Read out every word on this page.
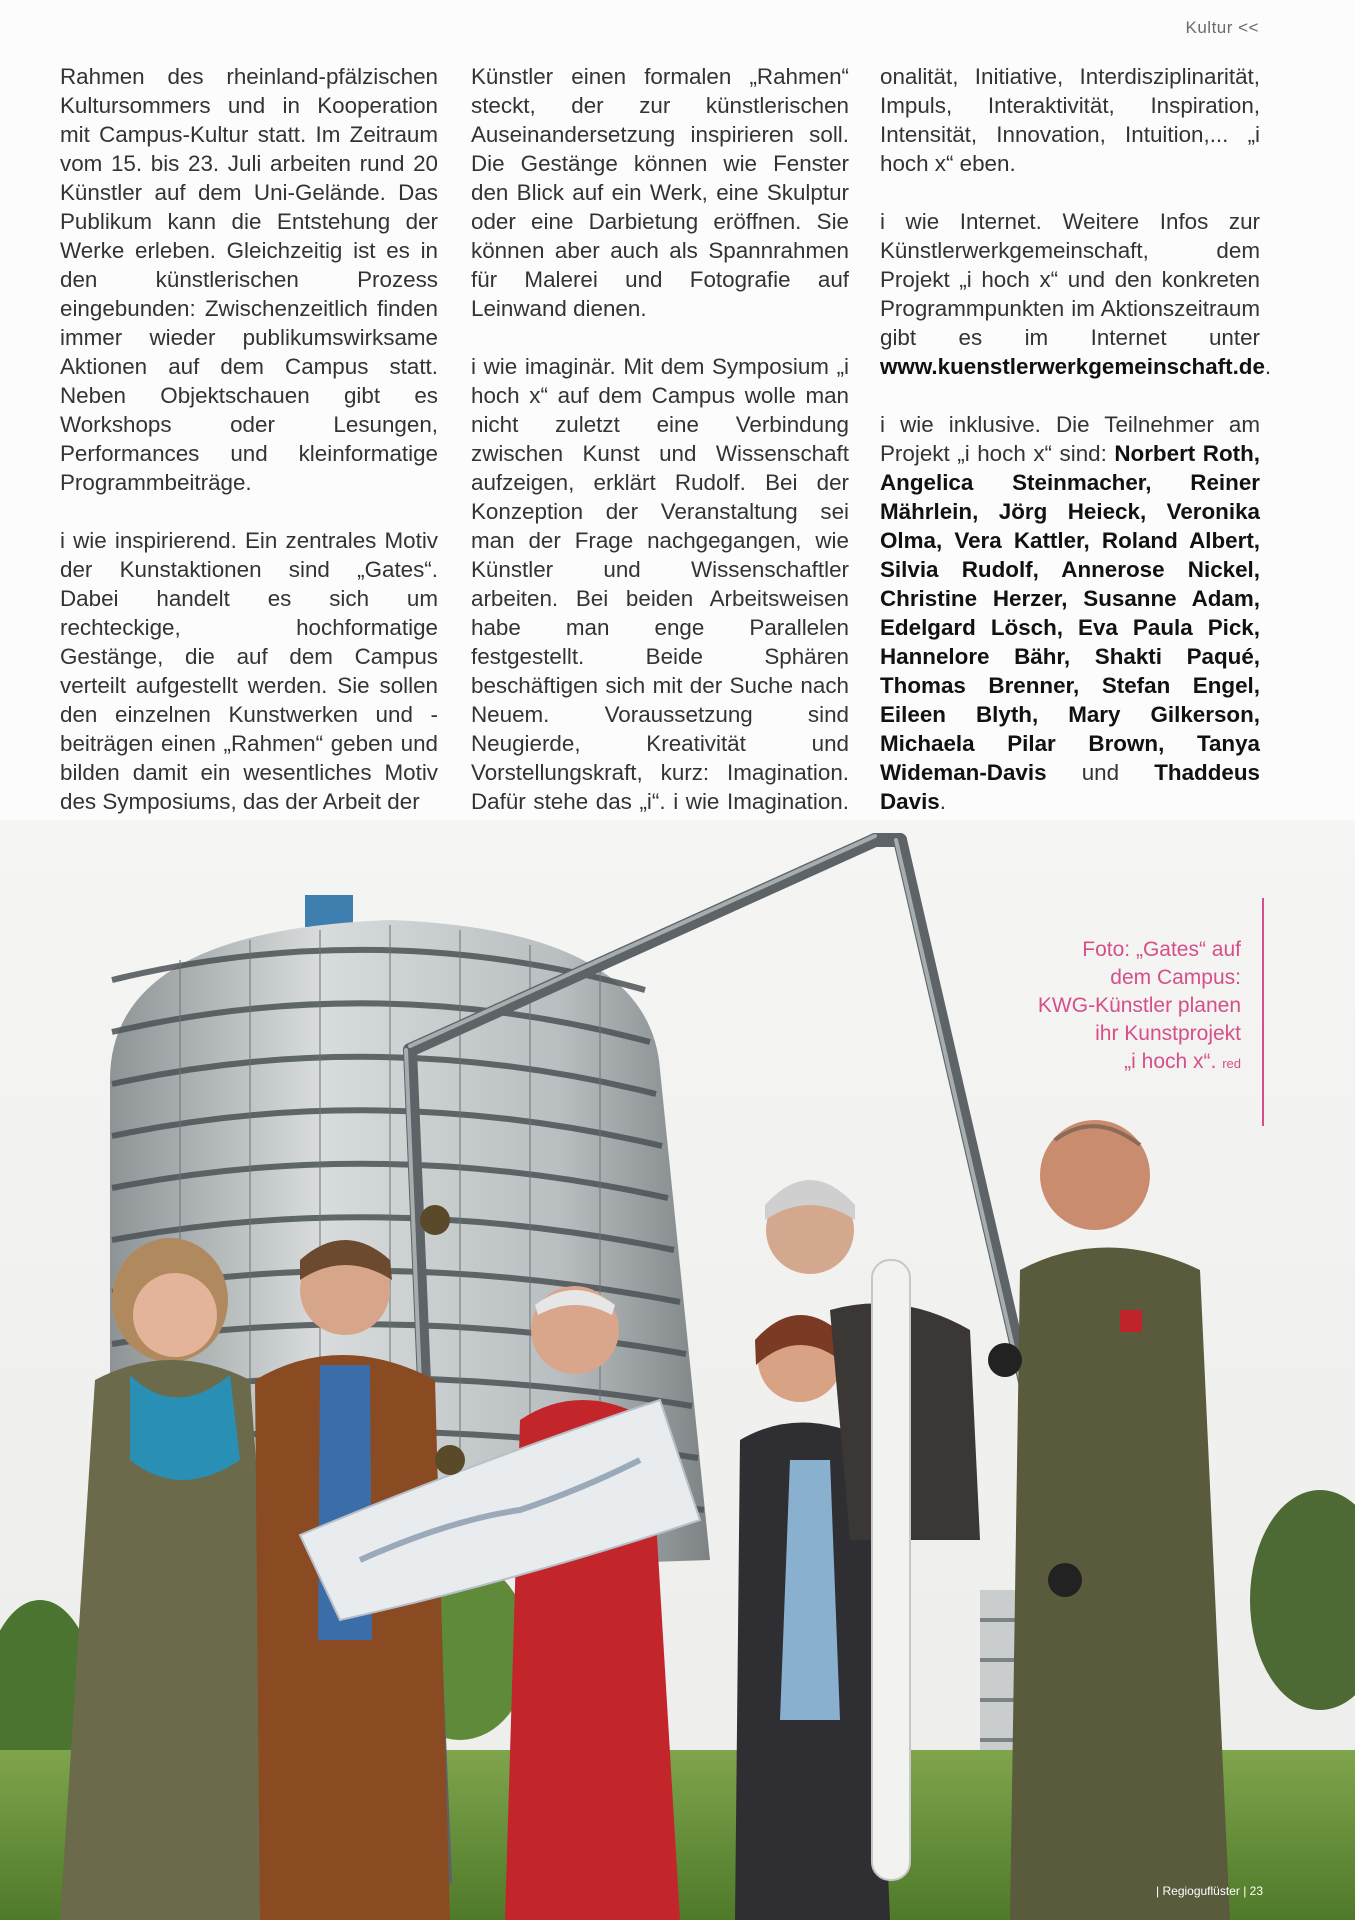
Kultur <<

Rahmen des rheinland-pfälzischen Kultursommers und in Kooperation mit Campus-Kultur statt. Im Zeitraum vom 15. bis 23. Juli arbeiten rund 20 Künstler auf dem Uni-Gelände. Das Publikum kann die Entstehung der Werke erleben. Gleichzeitig ist es in den künstlerischen Prozess eingebunden: Zwischenzeitlich finden immer wieder publikumswirksame Aktionen auf dem Campus statt. Neben Objektschauen gibt es Workshops oder Lesungen, Performances und kleinformatige Programmbeiträge.

i wie inspirierend. Ein zentrales Motiv der Kunstaktionen sind „Gates“. Dabei handelt es sich um rechteckige, hochformatige Gestänge, die auf dem Campus verteilt aufgestellt werden. Sie sollen den einzelnen Kunstwerken und -beiträgen einen „Rahmen“ geben und bilden damit ein wesentliches Motiv des Symposiums, das der Arbeit der

Künstler einen formalen „Rahmen“ steckt, der zur künstlerischen Auseinandersetzung inspirieren soll. Die Gestänge können wie Fenster den Blick auf ein Werk, eine Skulptur oder eine Darbietung eröffnen. Sie können aber auch als Spannrahmen für Malerei und Fotografie auf Leinwand dienen.

i wie imaginär. Mit dem Symposium „i hoch x“ auf dem Campus wolle man nicht zuletzt eine Verbindung zwischen Kunst und Wissenschaft aufzeigen, erklärt Rudolf. Bei der Konzeption der Veranstaltung sei man der Frage nachgegangen, wie Künstler und Wissenschaftler arbeiten. Bei beiden Arbeitsweisen habe man enge Parallelen festgestellt. Beide Sphären beschäftigen sich mit der Suche nach Neuem. Voraussetzung sind Neugierde, Kreativität und Vorstellungskraft, kurz: Imagination. Dafür stehe das „i“. i wie Imagination.

onalität, Initiative, Interdisziplinarität, Impuls, Interaktivität, Inspiration, Intensität, Innovation, Intuition,... „i hoch x“ eben.

i wie Internet. Weitere Infos zur Künstlerwerkgemeinschaft, dem Projekt „i hoch x“ und den konkreten Programmpunkten im Aktionszeitraum gibt es im Internet unter www.kuenstlerwerkgemeinschaft.de.

i wie inklusive. Die Teilnehmer am Projekt „i hoch x“ sind: Norbert Roth, Angelica Steinmacher, Reiner Mährlein, Jörg Heieck, Veronika Olma, Vera Kattler, Roland Albert, Silvia Rudolf, Annerose Nickel, Christine Herzer, Susanne Adam, Edelgard Lösch, Eva Paula Pick, Hannelore Bähr, Shakti Paqué, Thomas Brenner, Stefan Engel, Eileen Blyth, Mary Gilkerson, Michaela Pilar Brown, Tanya Wideman-Davis und Thaddeus Davis.

Foto: „Gates“ auf
dem Campus:
KWG-Künstler planen
ihr Kunstprojekt
„i hoch x“. red
| Regioguflüster | 23
